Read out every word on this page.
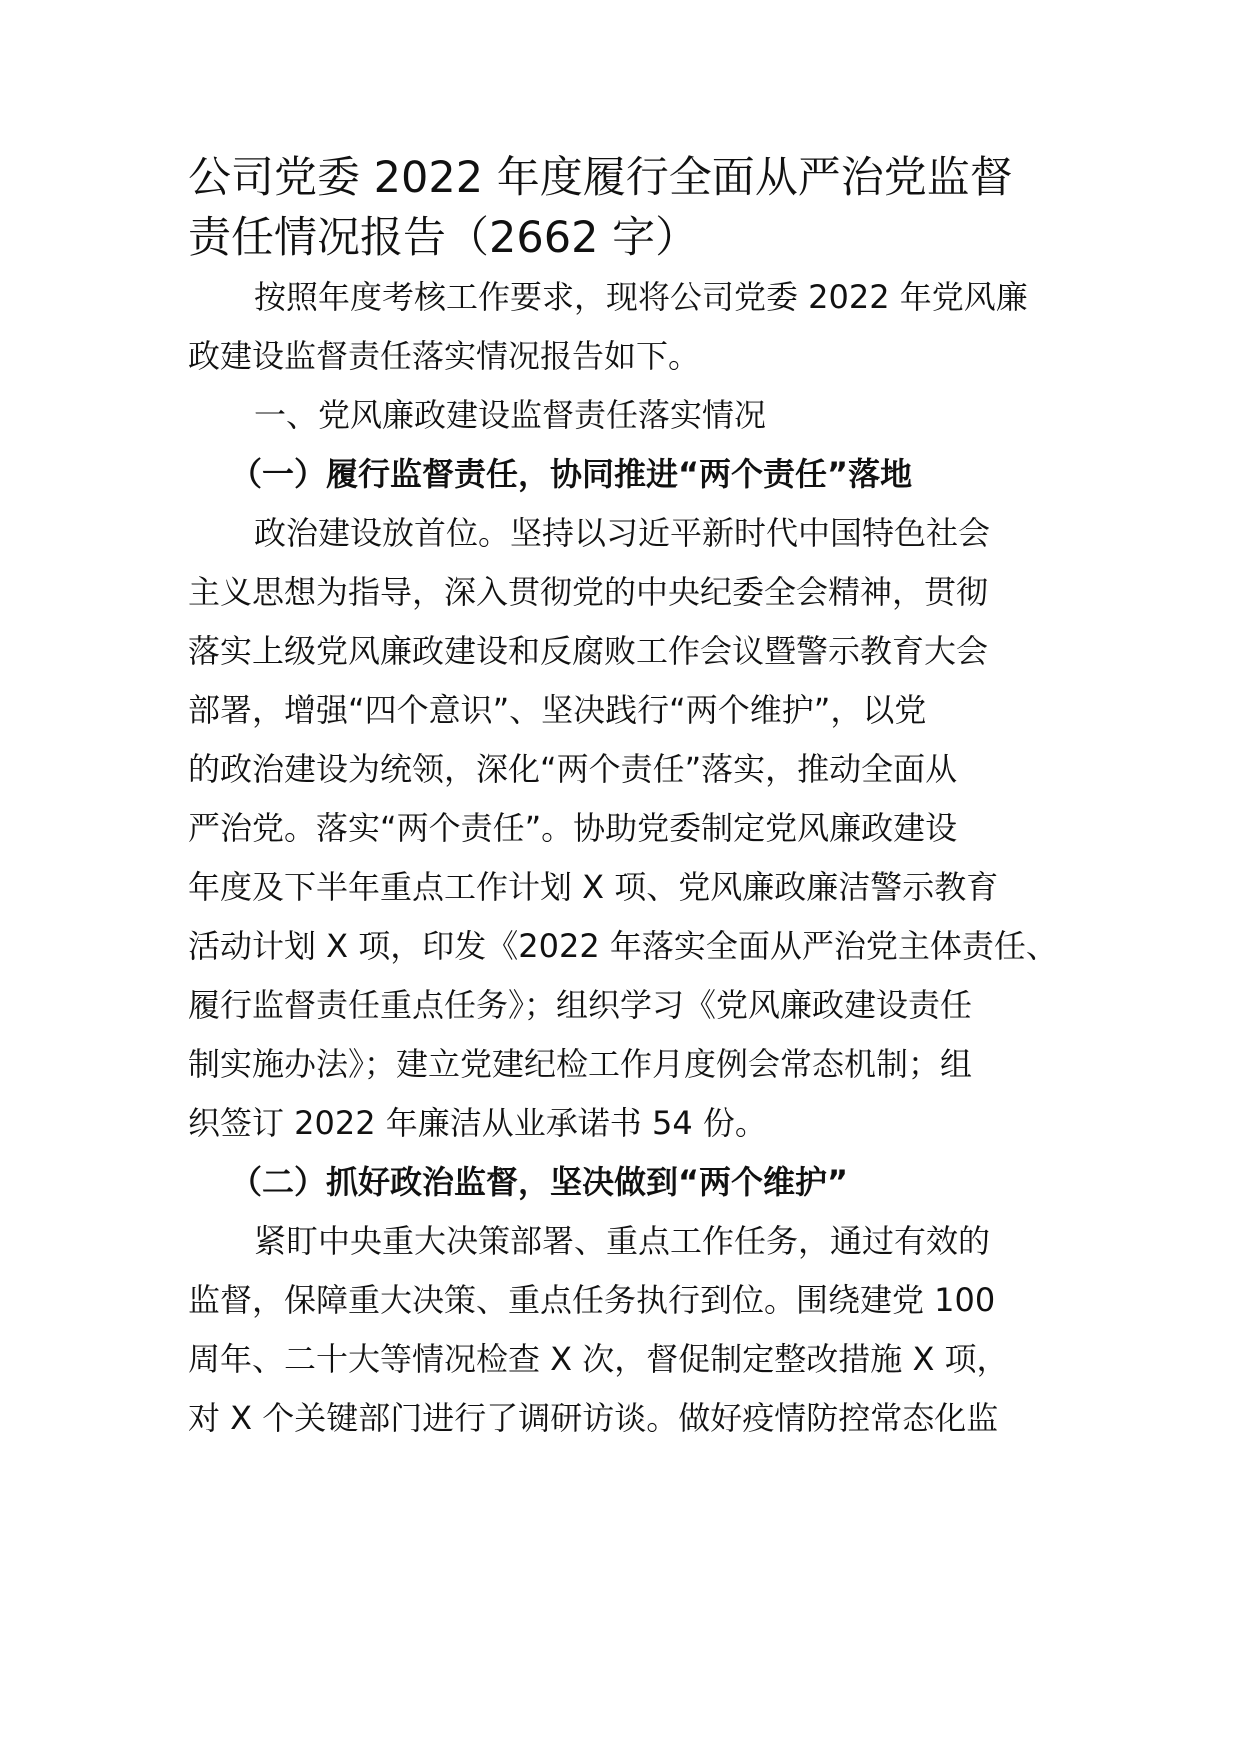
公司党委 2022 年度履行全面从严治党监督
责任情况报告（2662 字）
按照年度考核工作要求，现将公司党委 2022 年党风廉
政建设监督责任落实情况报告如下。
一、党风廉政建设监督责任落实情况
（一）履行监督责任，协同推进“两个责任”落地
政治建设放首位。坚持以习近平新时代中国特色社会
主义思想为指导，深入贯彻党的中央纪委全会精神，贯彻
落实上级党风廉政建设和反腐败工作会议暨警示教育大会
部署，增强“四个意识”、坚决践行“两个维护”，以党
的政治建设为统领，深化“两个责任”落实，推动全面从
严治党。落实“两个责任”。协助党委制定党风廉政建设
年度及下半年重点工作计划 X 项、党风廉政廉洁警示教育
活动计划 X 项，印发《2022 年落实全面从严治党主体责任、
履行监督责任重点任务》；组织学习《党风廉政建设责任
制实施办法》；建立党建纪检工作月度例会常态机制；组
织签订 2022 年廉洁从业承诺书 54 份。
（二）抓好政治监督，坚决做到“两个维护”
紧盯中央重大决策部署、重点工作任务，通过有效的
监督，保障重大决策、重点任务执行到位。围绕建党 100
周年、二十大等情况检查 X 次，督促制定整改措施 X 项，
对 X 个关键部门进行了调研访谈。做好疫情防控常态化监
